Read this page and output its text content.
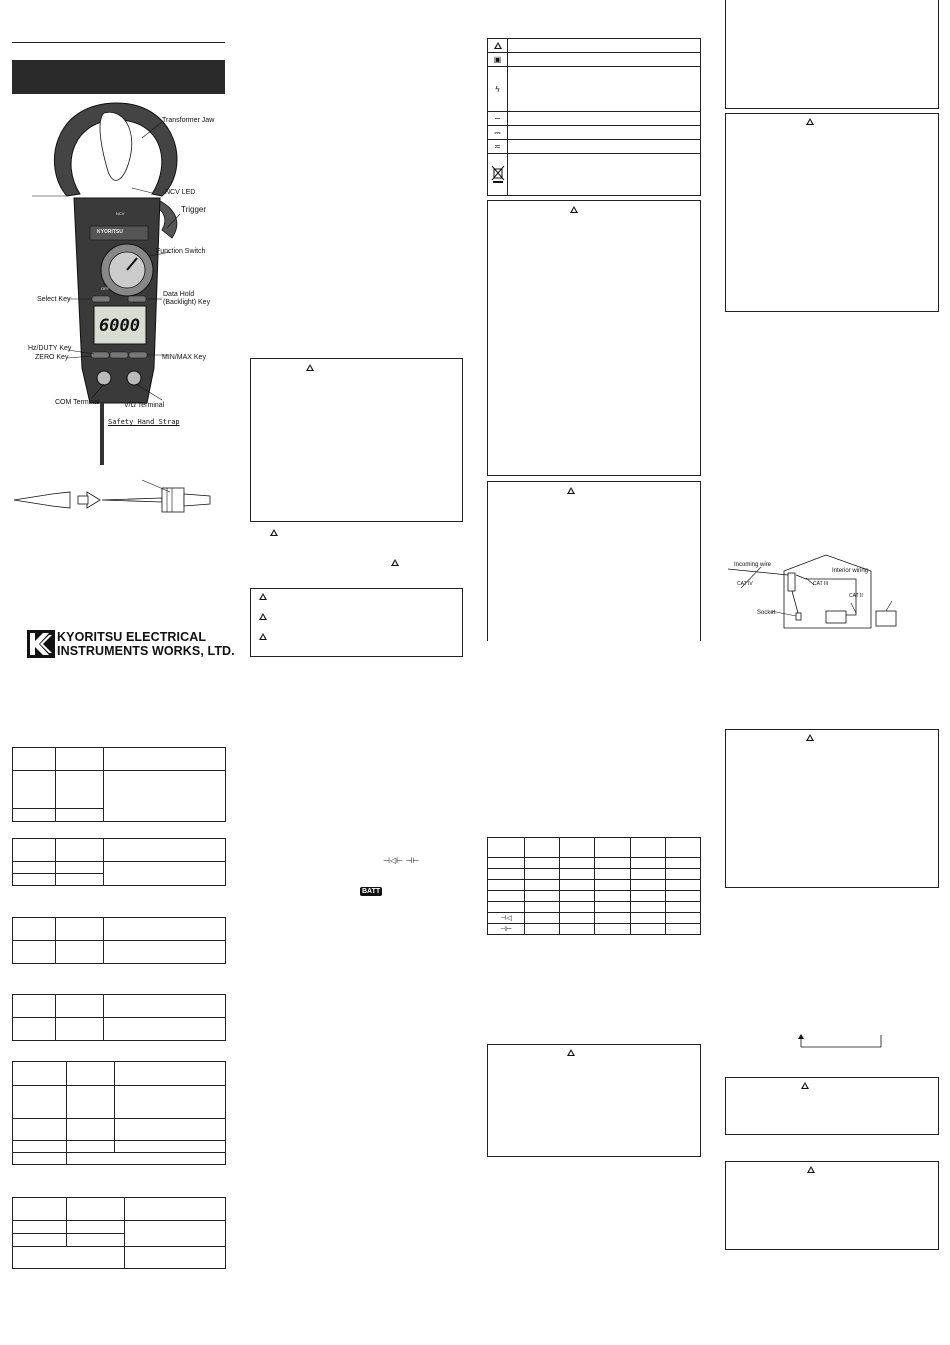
KYORITSU
NCV
OFF
6000
Transformer Jaw
NCV LED
Trigger
Function Switch
Select Key
Data Hold
(Backlight) Key
Hz/DUTY Key
ZERO Key	MIN/MAX Key
COM Terminal	V/Ω Terminal
Safety Hand Strap
KYORITSU ELECTRICAL
INSTRUMENTS WORKS, LTD.

⊣◁⊢ ⊣⊢
BATT

▣	
ϟ	
∼	
⎓	
≂	

⊣◁					
⊣⊢					
Incoming wire
Interior wiring
CAT IV	CAT III
CAT II
Socket
